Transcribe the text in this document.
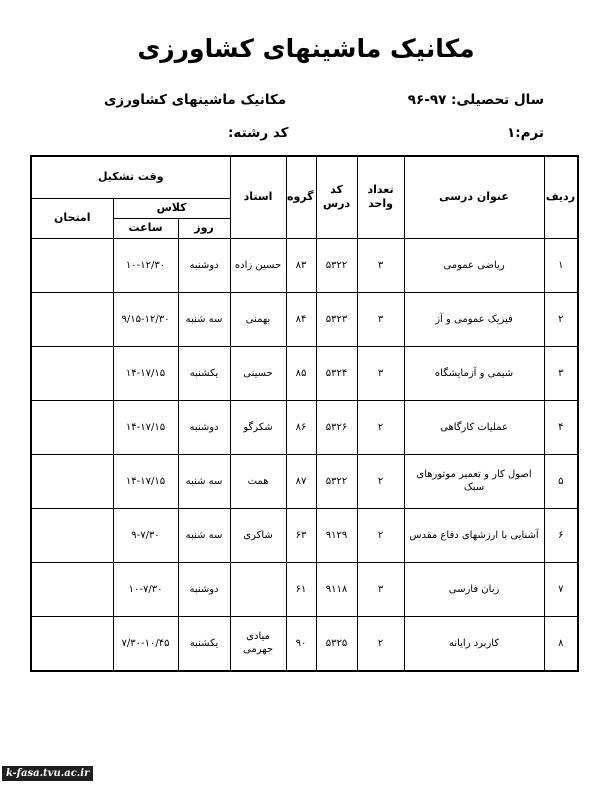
مکانیک ماشینهای کشاورزی
سال تحصیلی: ۹۷-۹۶
مکانیک ماشینهای کشاورزی
ترم:۱
کد رشته:
ردیف	عنوان درسی	تعداد واحد	کد درس	گروه	استاد	وقت تشکیل		
						کلاس		امتحان
						روز	ساعت	
۱	ریاضی عمومی	۳	۵۳۲۲	۸۳	حسین زاده	دوشنبه	۱۰-۱۲/۳۰	
۲	فیزیک عمومی و آز	۳	۵۳۲۳	۸۴	بهمنی	سه شنبه	۹/۱۵-۱۲/۳۰	
۳	شیمی و آزمایشگاه	۳	۵۳۲۴	۸۵	حسینی	یکشنبه	۱۴-۱۷/۱۵	
۴	عملیات کارگاهی	۲	۵۳۲۶	۸۶	شکرگو	دوشنبه	۱۴-۱۷/۱۵	
۵	اصول کار و تعمیر موتورهای سبک	۲	۵۳۲۲	۸۷	همت	سه شنبه	۱۴-۱۷/۱۵	
۶	آشنایی با ارزشهای دفاع مقدس	۲	۹۱۲۹	۶۳	شاکری	سه شنبه	۹-۷/۳۰	
۷	زبان فارسی	۳	۹۱۱۸	۶۱		دوشنبه	۱۰-۷/۳۰	
۸	کاربرد رایانه	۲	۵۳۲۵	۹۰	میادی جهرمی	یکشنبه	۷/۳۰-۱۰/۴۵	
k-fasa.tvu.ac.ir
